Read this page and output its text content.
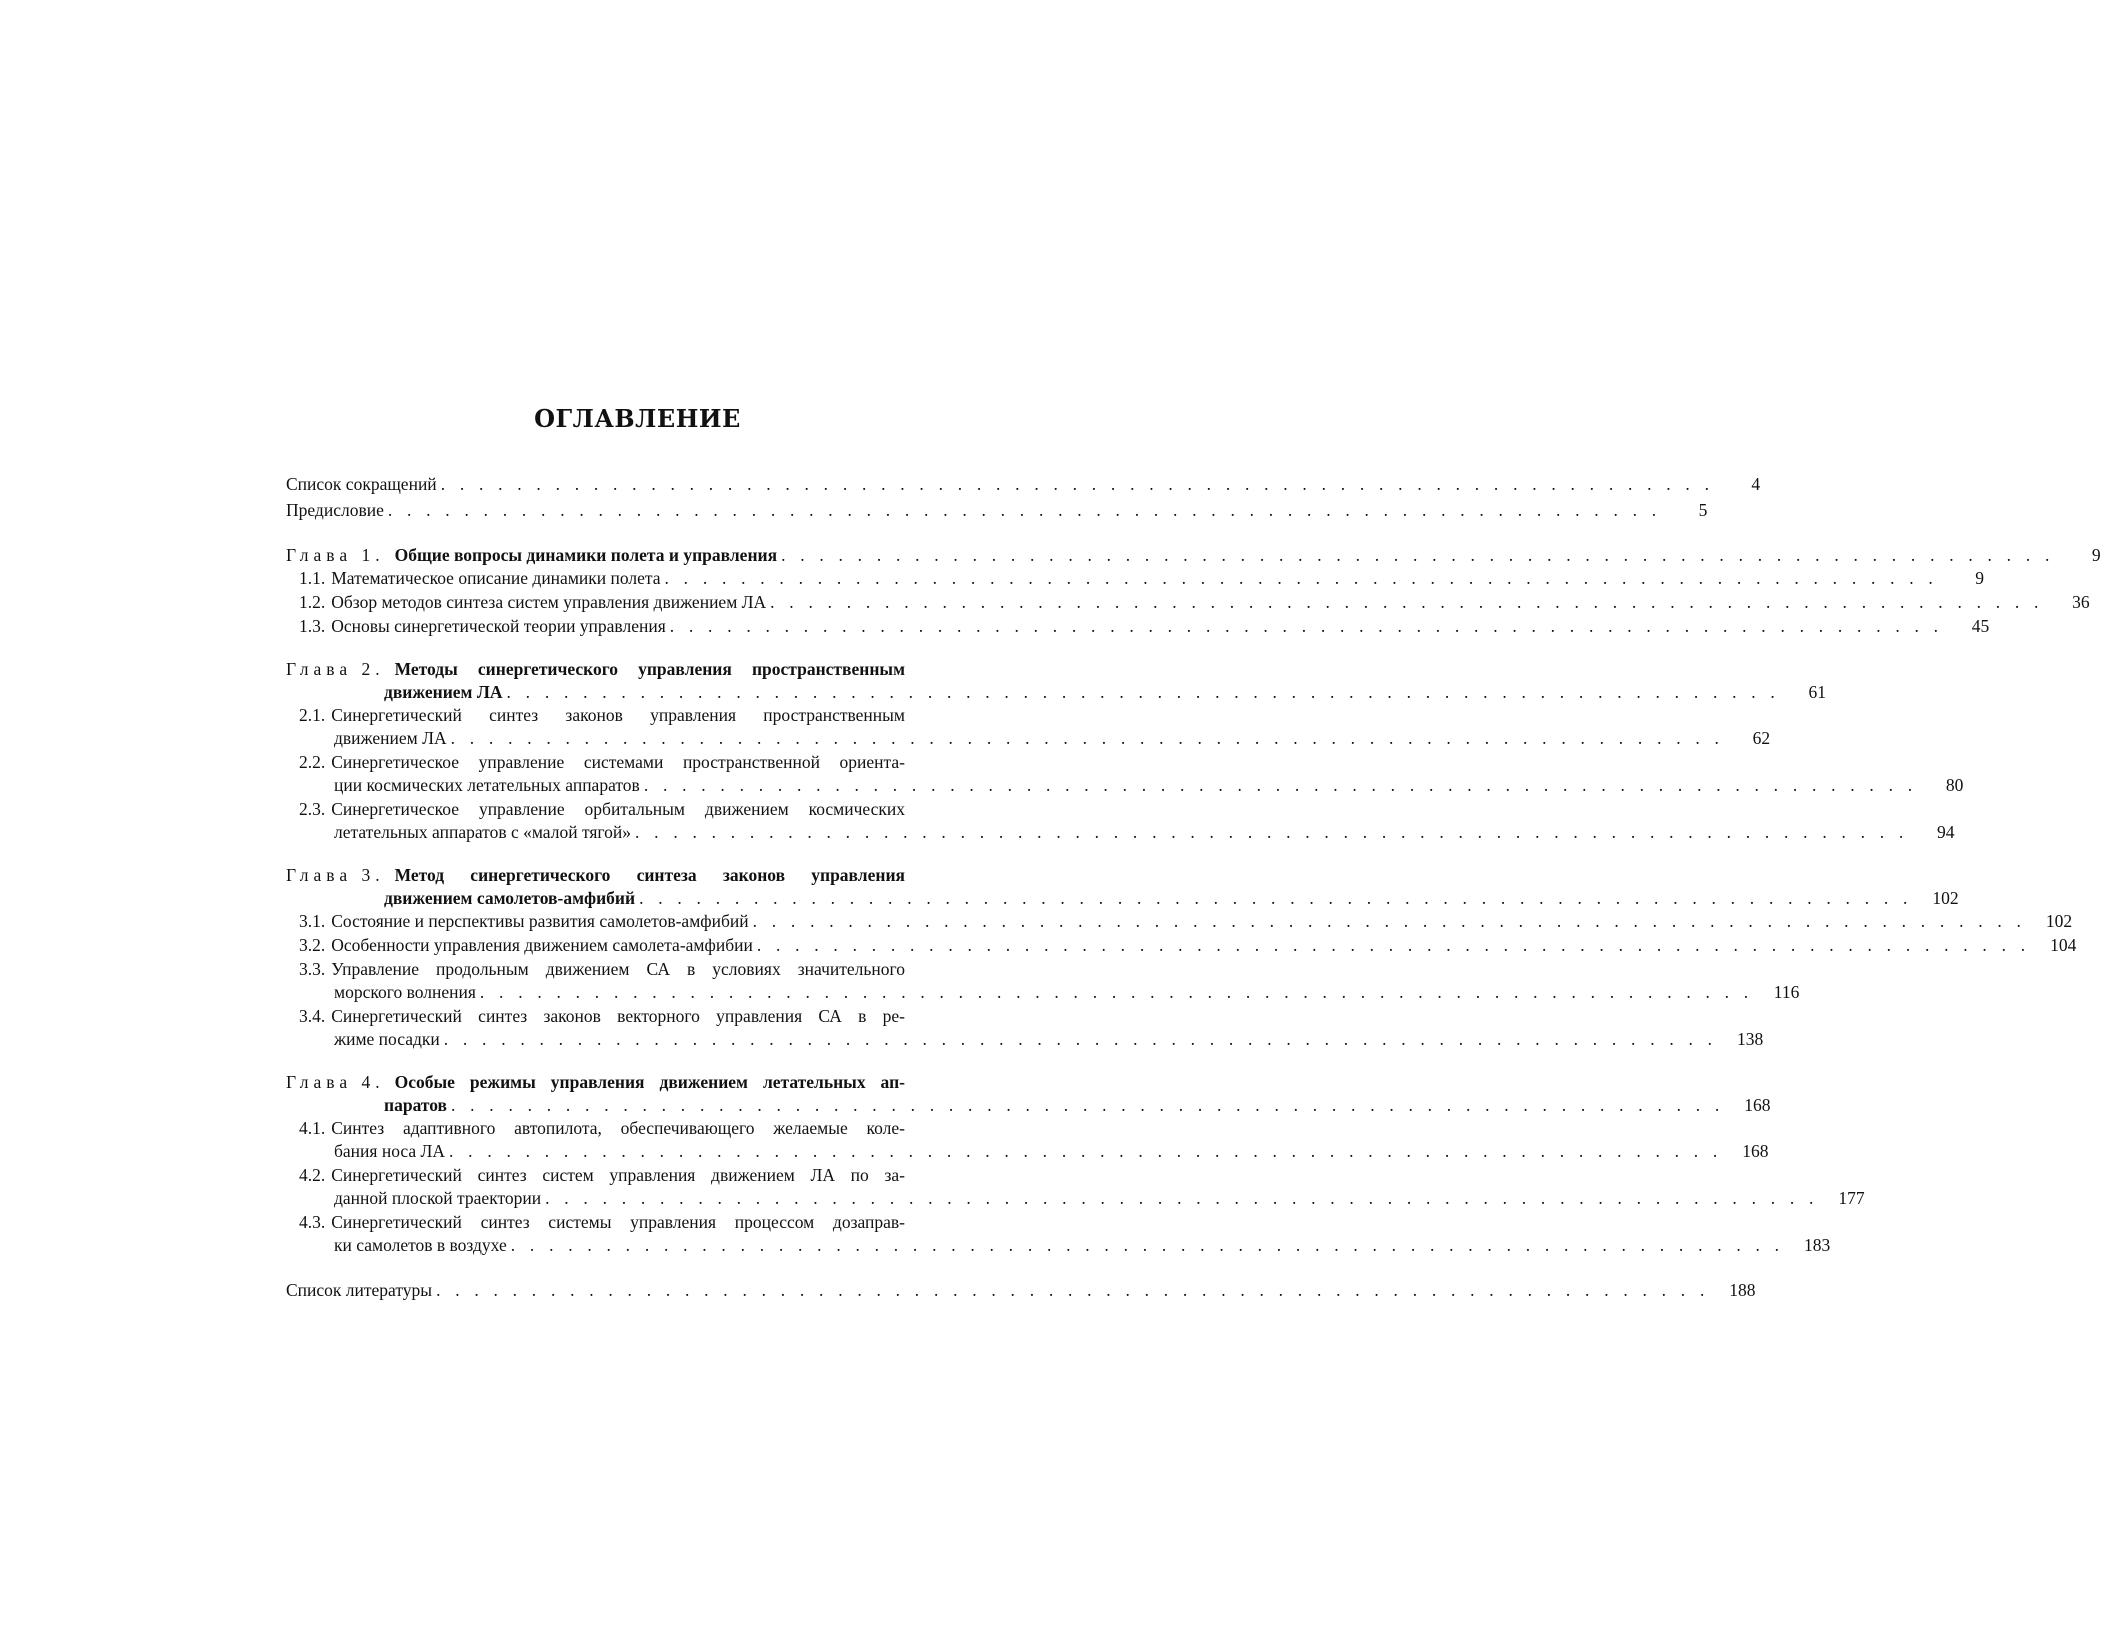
ОГЛАВЛЕНИЕ
Список сокращений . . . . . . . . . . . . . . . . . . . . . . . . . . . . . . . . . . . . . . . . . . . . . . . . . . . . . . . . . . . . . . . . . . .	4
Предисловие . . . . . . . . . . . . . . . . . . . . . . . . . . . . . . . . . . . . . . . . . . . . . . . . . . . . . . . . . . . . . . . . . . .	5
Глава 1. Общие вопросы динамики полета и управления . . . . . . . . . . . . . . . . . . . . . . . . . . . . . . . . . . . . . . . . . . . . . . . . . . . . . . . . . . . . . . . . . . .	9
1.1. Математическое описание динамики полета . . . . . . . . . . . . . . . . . . . . . . . . . . . . . . . . . . . . . . . . . . . . . . . . . . . . . . . . . . . . . . . . . . .	9
1.2. Обзор методов синтеза систем управления движением ЛА . . . . . . . . . . . . . . . . . . . . . . . . . . . . . . . . . . . . . . . . . . . . . . . . . . . . . . . . . . . . . . . . . . .	36
1.3. Основы синергетической теории управления . . . . . . . . . . . . . . . . . . . . . . . . . . . . . . . . . . . . . . . . . . . . . . . . . . . . . . . . . . . . . . . . . . .	45
Глава 2. Методы синергетического управления пространственным
движением ЛА . . . . . . . . . . . . . . . . . . . . . . . . . . . . . . . . . . . . . . . . . . . . . . . . . . . . . . . . . . . . . . . . . . .	61
2.1. Синергетический синтез законов управления пространственным
движением ЛА . . . . . . . . . . . . . . . . . . . . . . . . . . . . . . . . . . . . . . . . . . . . . . . . . . . . . . . . . . . . . . . . . . .	62
2.2. Синергетическое управление системами пространственной ориента-
ции космических летательных аппаратов . . . . . . . . . . . . . . . . . . . . . . . . . . . . . . . . . . . . . . . . . . . . . . . . . . . . . . . . . . . . . . . . . . .	80
2.3. Синергетическое управление орбитальным движением космических
летательных аппаратов с «малой тягой» . . . . . . . . . . . . . . . . . . . . . . . . . . . . . . . . . . . . . . . . . . . . . . . . . . . . . . . . . . . . . . . . . . .	94
Глава 3. Метод синергетического синтеза законов управления
движением самолетов-амфибий . . . . . . . . . . . . . . . . . . . . . . . . . . . . . . . . . . . . . . . . . . . . . . . . . . . . . . . . . . . . . . . . . . .	102
3.1. Состояние и перспективы развития самолетов-амфибий . . . . . . . . . . . . . . . . . . . . . . . . . . . . . . . . . . . . . . . . . . . . . . . . . . . . . . . . . . . . . . . . . . .	102
3.2. Особенности управления движением самолета-амфибии . . . . . . . . . . . . . . . . . . . . . . . . . . . . . . . . . . . . . . . . . . . . . . . . . . . . . . . . . . . . . . . . . . .	104
3.3. Управление продольным движением СА в условиях значительного
морского волнения . . . . . . . . . . . . . . . . . . . . . . . . . . . . . . . . . . . . . . . . . . . . . . . . . . . . . . . . . . . . . . . . . . .	116
3.4. Синергетический синтез законов векторного управления СА в ре-
жиме посадки . . . . . . . . . . . . . . . . . . . . . . . . . . . . . . . . . . . . . . . . . . . . . . . . . . . . . . . . . . . . . . . . . . .	138
Глава 4. Особые режимы управления движением летательных ап-
паратов . . . . . . . . . . . . . . . . . . . . . . . . . . . . . . . . . . . . . . . . . . . . . . . . . . . . . . . . . . . . . . . . . . .	168
4.1. Синтез адаптивного автопилота, обеспечивающего желаемые коле-
бания носа ЛА . . . . . . . . . . . . . . . . . . . . . . . . . . . . . . . . . . . . . . . . . . . . . . . . . . . . . . . . . . . . . . . . . . .	168
4.2. Синергетический синтез систем управления движением ЛА по за-
данной плоской траектории . . . . . . . . . . . . . . . . . . . . . . . . . . . . . . . . . . . . . . . . . . . . . . . . . . . . . . . . . . . . . . . . . . .	177
4.3. Синергетический синтез системы управления процессом дозаправ-
ки самолетов в воздухе . . . . . . . . . . . . . . . . . . . . . . . . . . . . . . . . . . . . . . . . . . . . . . . . . . . . . . . . . . . . . . . . . . .	183
Список литературы . . . . . . . . . . . . . . . . . . . . . . . . . . . . . . . . . . . . . . . . . . . . . . . . . . . . . . . . . . . . . . . . . . .	188
